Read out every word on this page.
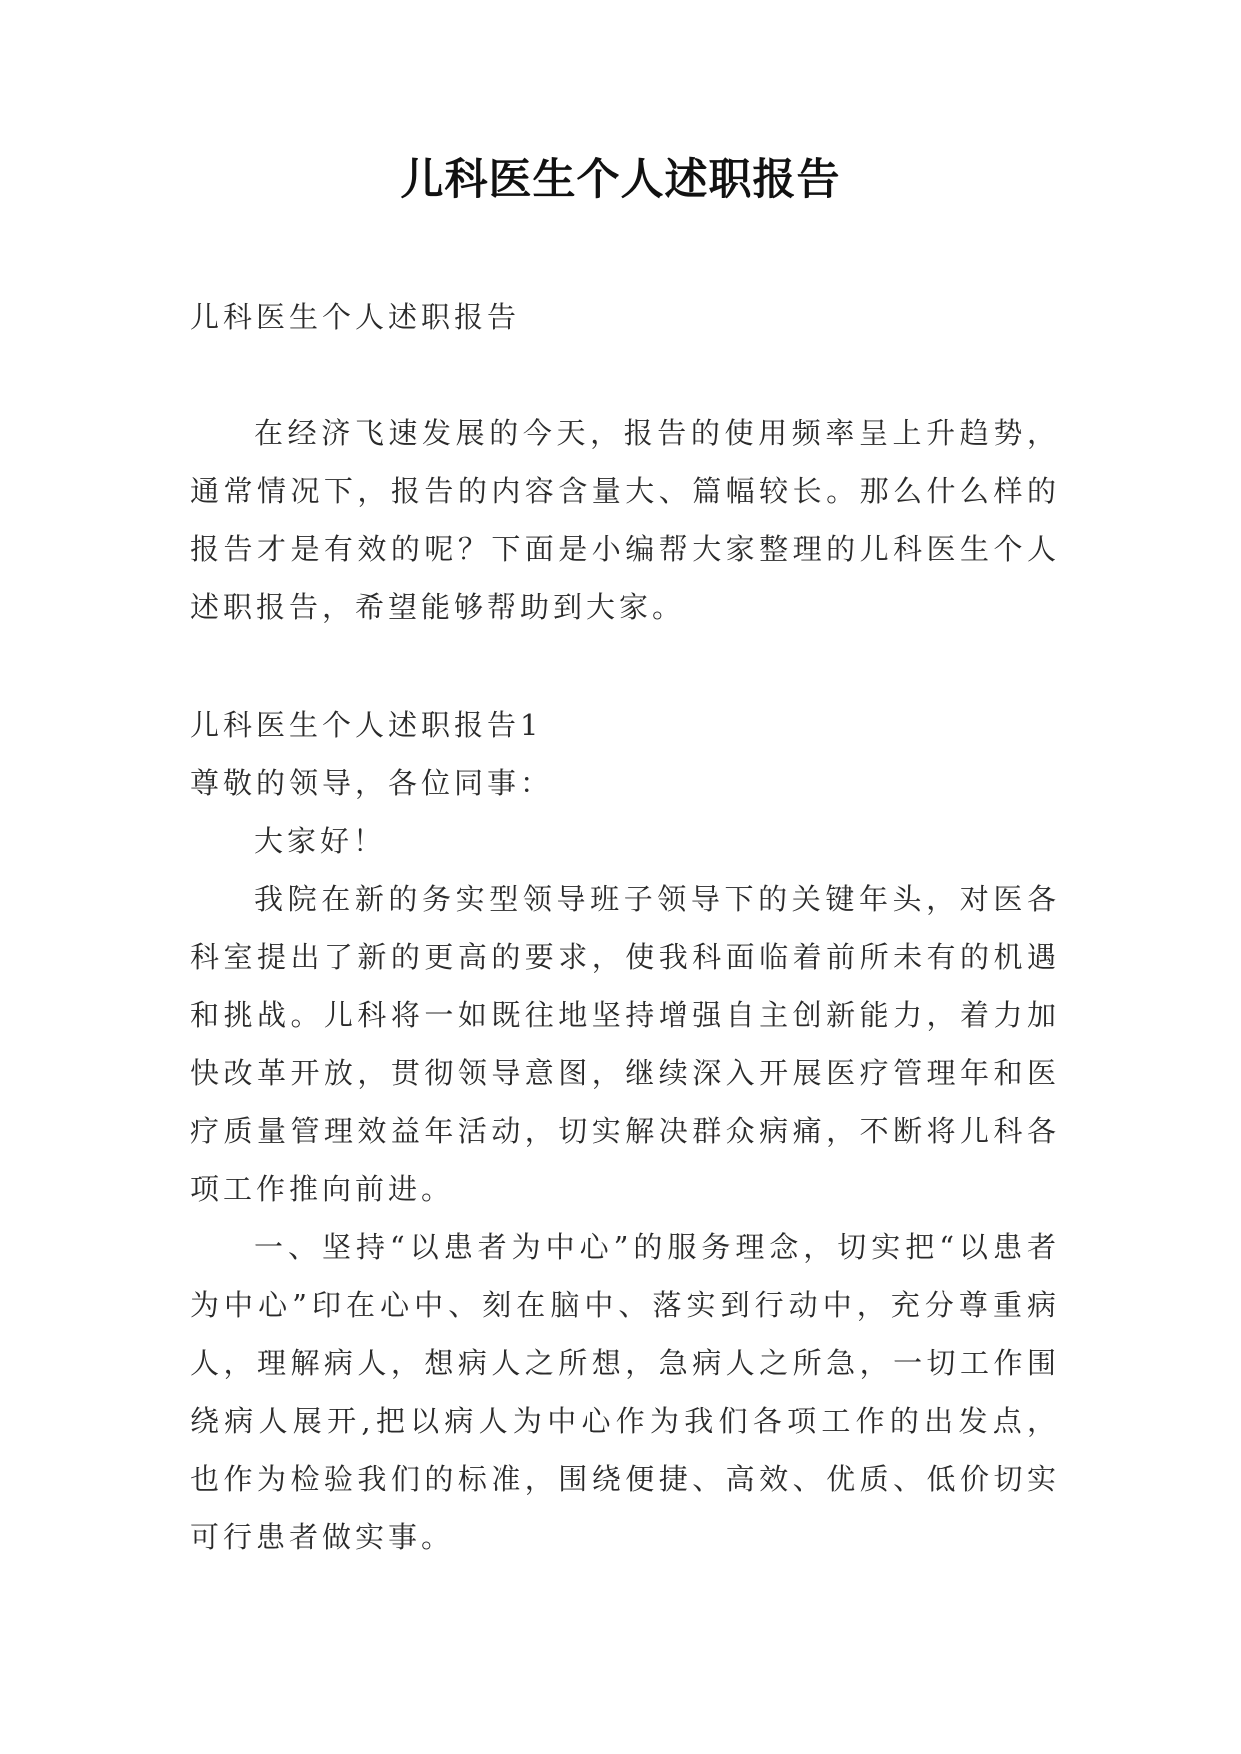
儿科医生个人述职报告

儿科医生个人述职报告

在经济飞速发展的今天，报告的使用频率呈上升趋势，通常情况下，报告的内容含量大、篇幅较长。那么什么样的报告才是有效的呢？下面是小编帮大家整理的儿科医生个人述职报告，希望能够帮助到大家。

儿科医生个人述职报告1

尊敬的领导，各位同事：

大家好！

我院在新的务实型领导班子领导下的关键年头，对医各科室提出了新的更高的要求，使我科面临着前所未有的机遇和挑战。儿科将一如既往地坚持增强自主创新能力，着力加快改革开放，贯彻领导意图，继续深入开展医疗管理年和医疗质量管理效益年活动，切实解决群众病痛，不断将儿科各项工作推向前进。

一、坚持“以患者为中心”的服务理念，切实把“以患者为中心”印在心中、刻在脑中、落实到行动中，充分尊重病人，理解病人，想病人之所想，急病人之所急，一切工作围绕病人展开,把以病人为中心作为我们各项工作的出发点，也作为检验我们的标准，围绕便捷、高效、优质、低价切实可行患者做实事。
